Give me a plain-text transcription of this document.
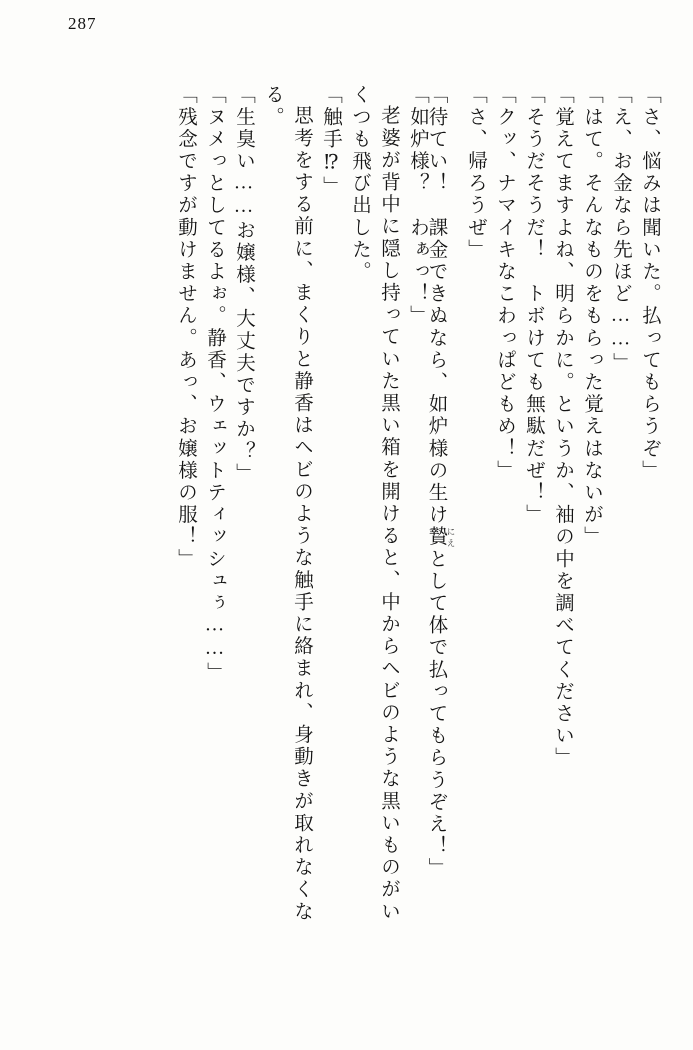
287
「さ、悩みは聞いた。払ってもらうぞ」
「え、お金なら先ほど……」
「はて。そんなものをもらった覚えはないが」
「覚えてますよね、明らかに。というか、袖の中を調べてください」
「そうだそうだ！　トボけても無駄だぜ！」
「クッ、ナマイキなこわっぱどもめ！」
「さ、帰ろうぜ」
「待てい！　課金できぬなら、如炉様の生け贄 にえとして体で払ってもらうぞえ！」
「如炉様？　わぁっ！」
老婆が背中に隠し持っていた黒い箱を開けると、中からヘビのような黒いものがい
くつも飛び出した。
「触手⁉」
思考をする前に、まくりと静香はヘビのような触手に絡まれ、身動きが取れなくな
る。
「生臭い……お嬢様、大丈夫ですか？」
「ヌメっとしてるよぉ。静香、ウェットティッシュぅ……」
「残念ですが動けません。あっ、お嬢様の服！」
